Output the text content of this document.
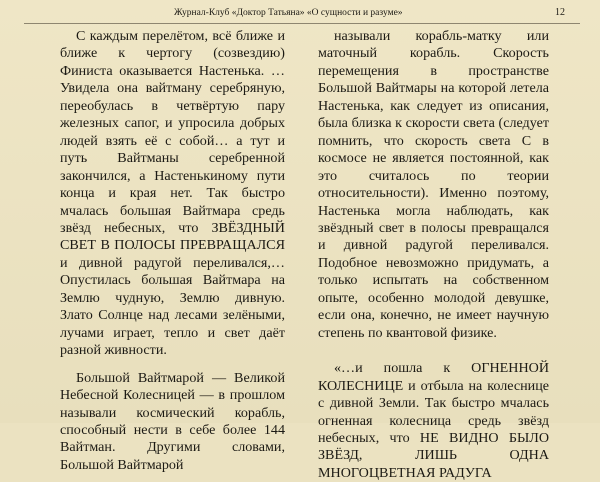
Журнал-Клуб «Доктор Татьяна» «О сущности и разуме»	12

С каждым перелётом, всё ближе и ближе к чертогу (созвездию) Финиста оказывается Настенька. … Увидела она вайтману серебряную, переобулась в четвёртую пару железных сапог, и упросила добрых людей взять её с собой… а тут и путь Вайтманы серебренной закончился, а Настенькиному пути конца и края нет. Так быстро мчалась большая Вайтмара средь звёзд небесных, что ЗВЁЗДНЫЙ СВЕТ В ПОЛОСЫ ПРЕВРАЩАЛСЯ и дивной радугой переливался,… Опустилась большая Вайтмара на Землю чудную, Землю дивную. Злато Солнце над лесами зелёными, лучами играет, тепло и свет даёт разной живности.

Большой Вайтмарой — Великой Небесной Колесницей — в прошлом называли космический корабль, способный нести в себе более 144 Вайтман. Другими словами, Большой Вайтмарой

называли корабль-матку или маточный корабль. Скорость перемещения в пространстве Большой Вайтмары на которой летела Настенька, как следует из описания, была близка к скорости света (следует помнить, что скорость света С в космосе не является постоянной, как это считалось по теории относительности). Именно поэтому, Настенька могла наблюдать, как звёздный свет в полосы превращался и дивной радугой переливался. Подобное невозможно придумать, а только испытать на собственном опыте, особенно молодой девушке, если она, конечно, не имеет научную степень по квантовой физике.

«…и пошла к ОГНЕННОЙ КОЛЕСНИЦЕ и отбыла на колеснице с дивной Земли. Так быстро мчалась огненная колесница средь звёзд небесных, что НЕ ВИДНО БЫЛО ЗВЁЗД, ЛИШЬ ОДНА МНОГОЦВЕТНАЯ РАДУГА
